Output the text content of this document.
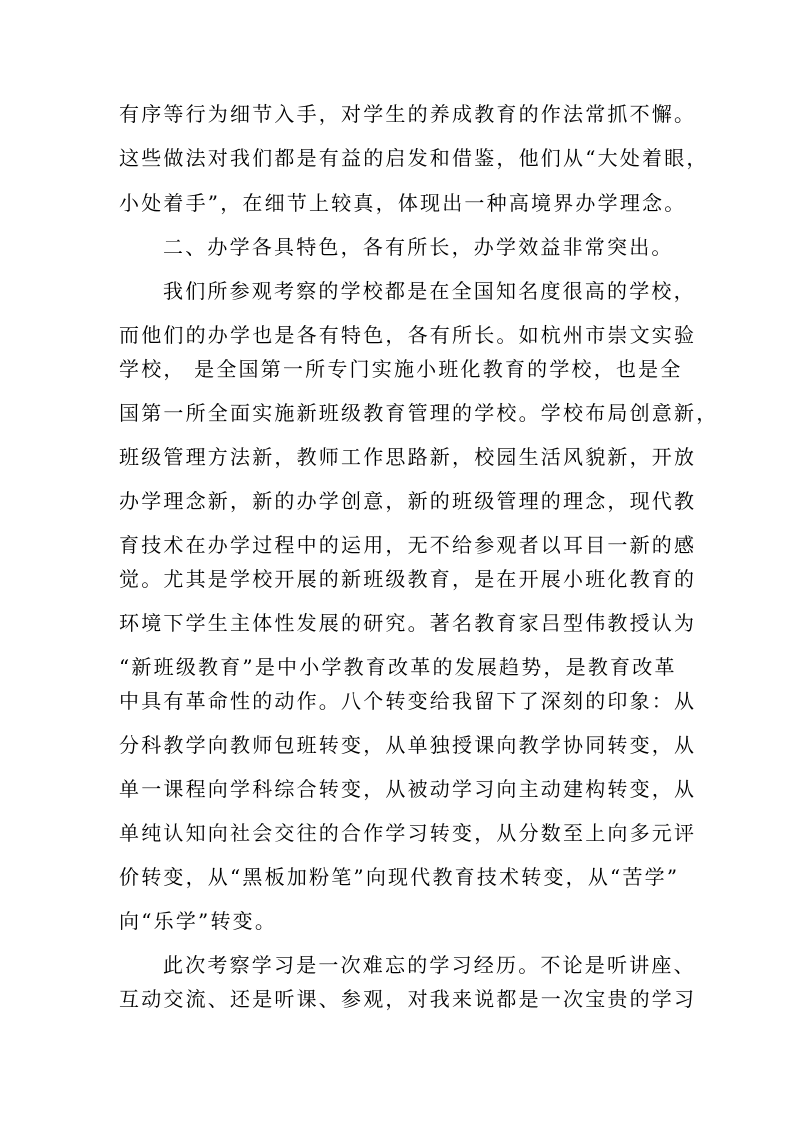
有序等行为细节入手，对学生的养成教育的作法常抓不懈。
这些做法对我们都是有益的启发和借鉴，他们从“大处着眼，
小处着手”，在细节上较真，体现出一种高境界办学理念。
二、办学各具特色，各有所长，办学效益非常突出。
我们所参观考察的学校都是在全国知名度很高的学校，
而他们的办学也是各有特色，各有所长。如杭州市崇文实验
学校， 是全国第一所专门实施小班化教育的学校，也是全
国第一所全面实施新班级教育管理的学校。学校布局创意新，
班级管理方法新，教师工作思路新，校园生活风貌新，开放
办学理念新，新的办学创意，新的班级管理的理念，现代教
育技术在办学过程中的运用，无不给参观者以耳目一新的感
觉。尤其是学校开展的新班级教育，是在开展小班化教育的
环境下学生主体性发展的研究。著名教育家吕型伟教授认为
“新班级教育”是中小学教育改革的发展趋势，是教育改革
中具有革命性的动作。八个转变给我留下了深刻的印象：从
分科教学向教师包班转变，从单独授课向教学协同转变，从
单一课程向学科综合转变，从被动学习向主动建构转变，从
单纯认知向社会交往的合作学习转变，从分数至上向多元评
价转变，从“黑板加粉笔”向现代教育技术转变，从“苦学”
向“乐学”转变。
此次考察学习是一次难忘的学习经历。不论是听讲座、
互动交流、还是听课、参观，对我来说都是一次宝贵的学习
